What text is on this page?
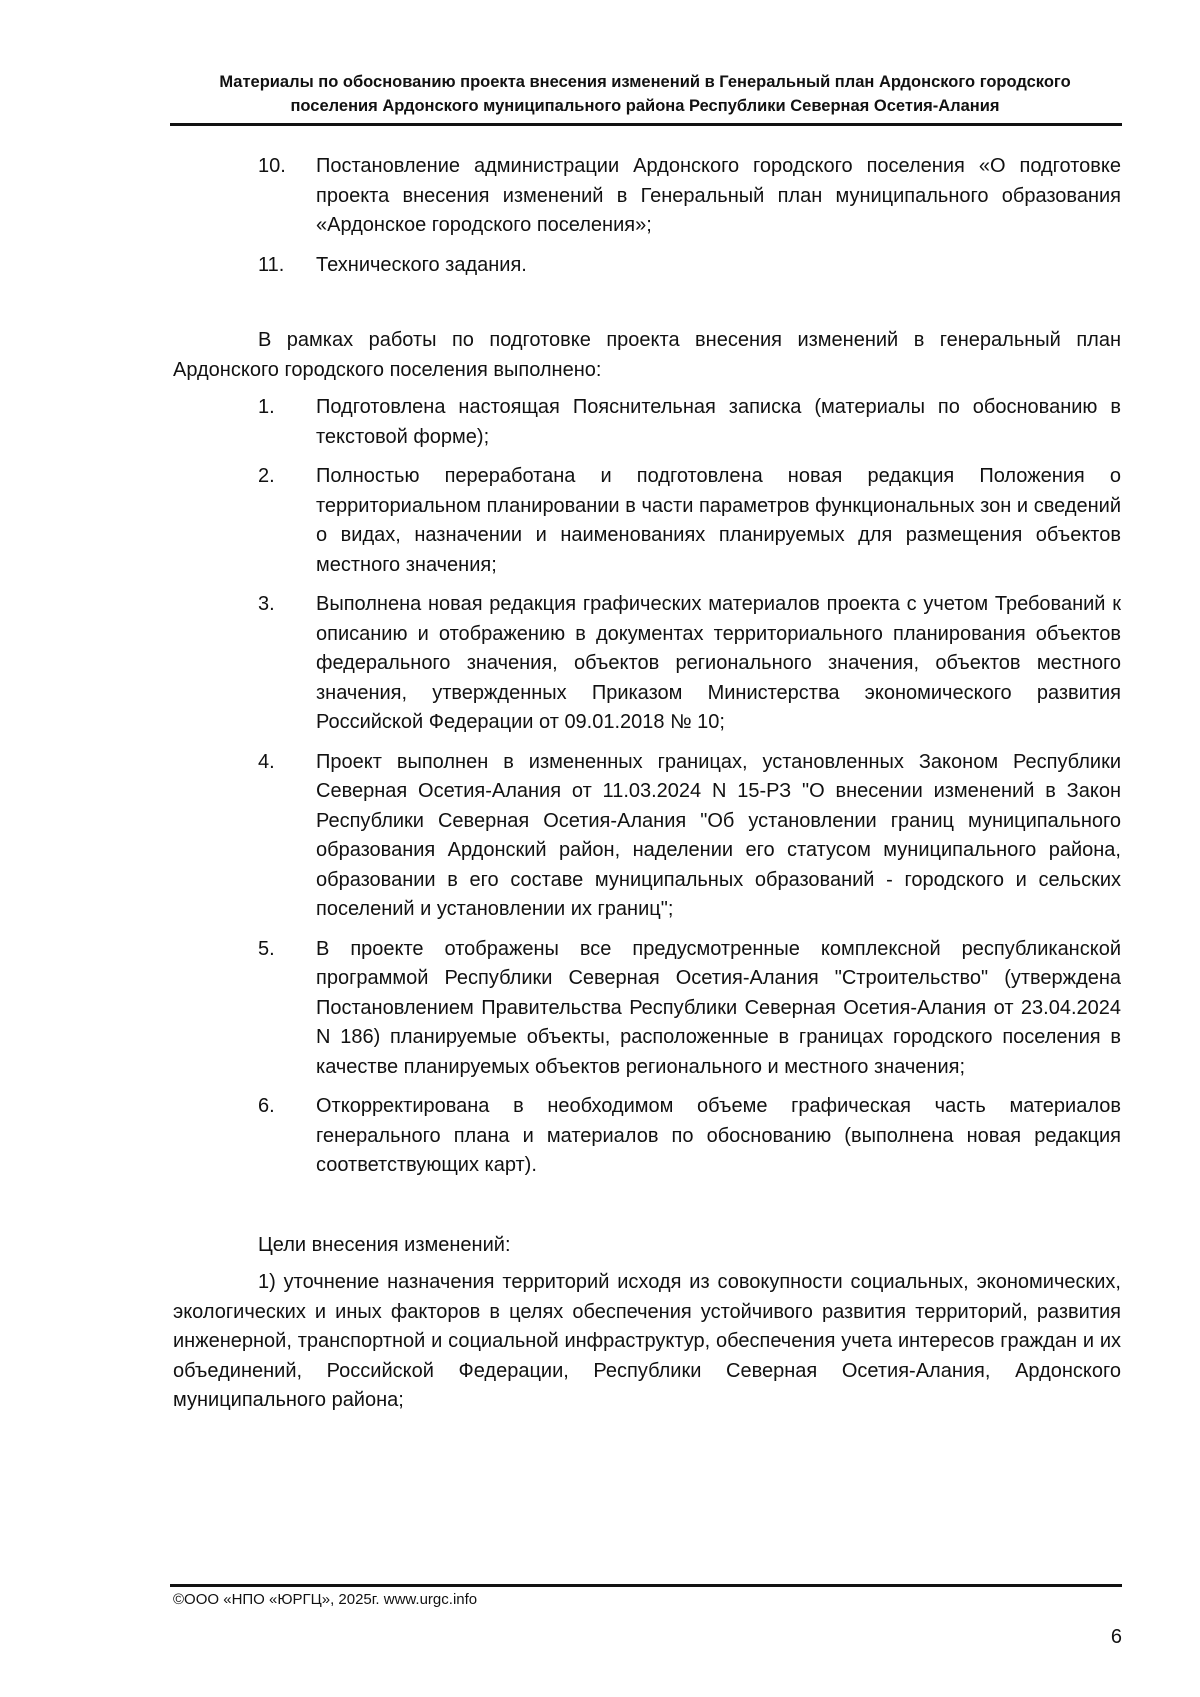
Материалы по обоснованию проекта внесения изменений в Генеральный план Ардонского городского
поселения Ардонского муниципального района Республики Северная Осетия-Алания
10.	Постановление администрации Ардонского городского поселения «О подготовке проекта внесения изменений в Генеральный план муниципального образования «Ардонское городского поселения»;
11.	Технического задания.
В рамках работы по подготовке проекта внесения изменений в генеральный план Ардонского городского поселения выполнено:
1.	Подготовлена настоящая Пояснительная записка (материалы по обоснованию в текстовой форме);
2.	Полностью переработана и подготовлена новая редакция Положения о территориальном планировании в части параметров функциональных зон и сведений о видах, назначении и наименованиях планируемых для размещения объектов местного значения;
3.	Выполнена новая редакция графических материалов проекта с учетом Требований к описанию и отображению в документах территориального планирования объектов федерального значения, объектов регионального значения, объектов местного значения, утвержденных Приказом Министерства экономического развития Российской Федерации от 09.01.2018 № 10;
4.	Проект выполнен в измененных границах, установленных Законом Республики Северная Осетия-Алания от 11.03.2024 N 15-РЗ "О внесении изменений в Закон Республики Северная Осетия-Алания "Об установлении границ муниципального образования Ардонский район, наделении его статусом муниципального района, образовании в его составе муниципальных образований - городского и сельских поселений и установлении их границ";
5.	В проекте отображены все предусмотренные комплексной республиканской программой Республики Северная Осетия-Алания "Строительство" (утверждена Постановлением Правительства Республики Северная Осетия-Алания от 23.04.2024 N 186) планируемые объекты, расположенные в границах городского поселения в качестве планируемых объектов регионального и местного значения;
6.	Откорректирована в необходимом объеме графическая часть материалов генерального плана и материалов по обоснованию (выполнена новая редакция соответствующих карт).
Цели внесения изменений:
1) уточнение назначения территорий исходя из совокупности социальных, экономических, экологических и иных факторов в целях обеспечения устойчивого развития территорий, развития инженерной, транспортной и социальной инфраструктур, обеспечения учета интересов граждан и их объединений, Российской Федерации, Республики Северная Осетия-Алания, Ардонского муниципального района;
©ООО «НПО «ЮРГЦ», 2025г. www.urgc.info
6
